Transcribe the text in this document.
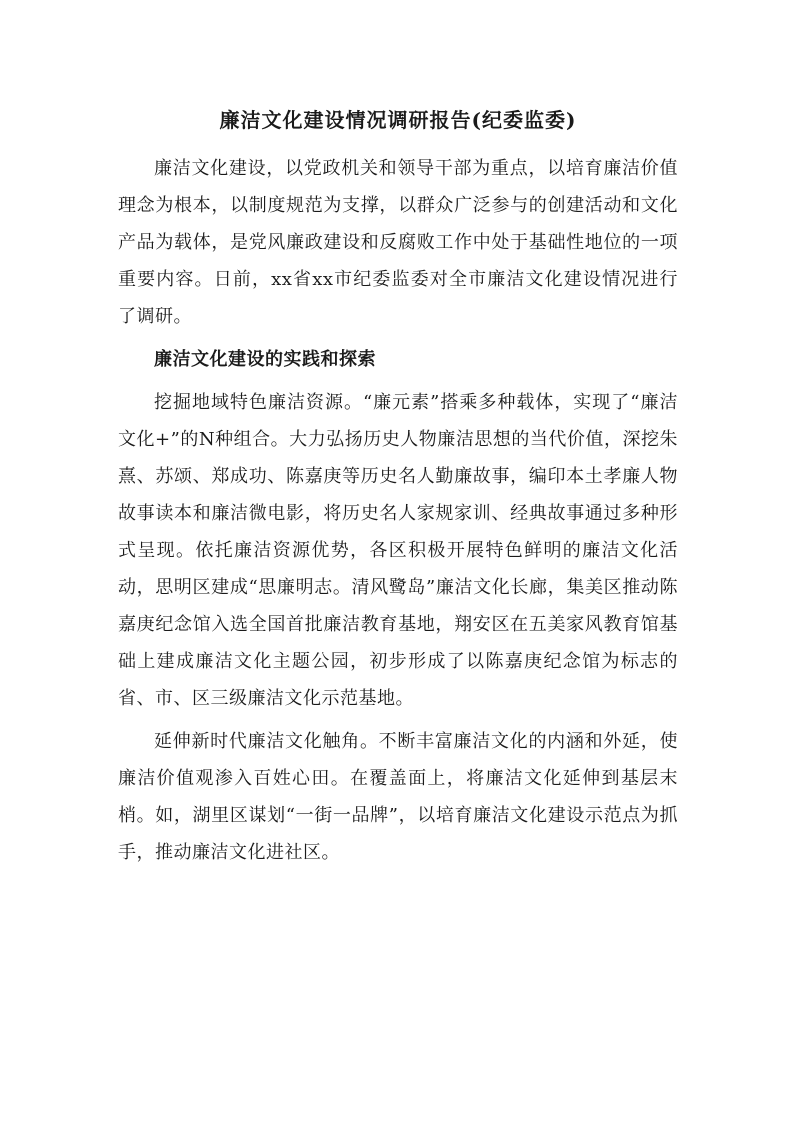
廉洁文化建设情况调研报告(纪委监委)

廉洁文化建设，以党政机关和领导干部为重点，以培育廉洁价值理念为根本，以制度规范为支撑，以群众广泛参与的创建活动和文化产品为载体，是党风廉政建设和反腐败工作中处于基础性地位的一项重要内容。日前，xx省xx市纪委监委对全市廉洁文化建设情况进行了调研。

廉洁文化建设的实践和探索

挖掘地域特色廉洁资源。“廉元素”搭乘多种载体，实现了“廉洁文化+”的N种组合。大力弘扬历史人物廉洁思想的当代价值，深挖朱熹、苏颂、郑成功、陈嘉庚等历史名人勤廉故事，编印本土孝廉人物故事读本和廉洁微电影，将历史名人家规家训、经典故事通过多种形式呈现。依托廉洁资源优势，各区积极开展特色鲜明的廉洁文化活动，思明区建成“思廉明志。清风鹭岛”廉洁文化长廊，集美区推动陈嘉庚纪念馆入选全国首批廉洁教育基地，翔安区在五美家风教育馆基础上建成廉洁文化主题公园，初步形成了以陈嘉庚纪念馆为标志的省、市、区三级廉洁文化示范基地。

延伸新时代廉洁文化触角。不断丰富廉洁文化的内涵和外延，使廉洁价值观渗入百姓心田。在覆盖面上，将廉洁文化延伸到基层末梢。如，湖里区谋划“一街一品牌”，以培育廉洁文化建设示范点为抓手，推动廉洁文化进社区。
